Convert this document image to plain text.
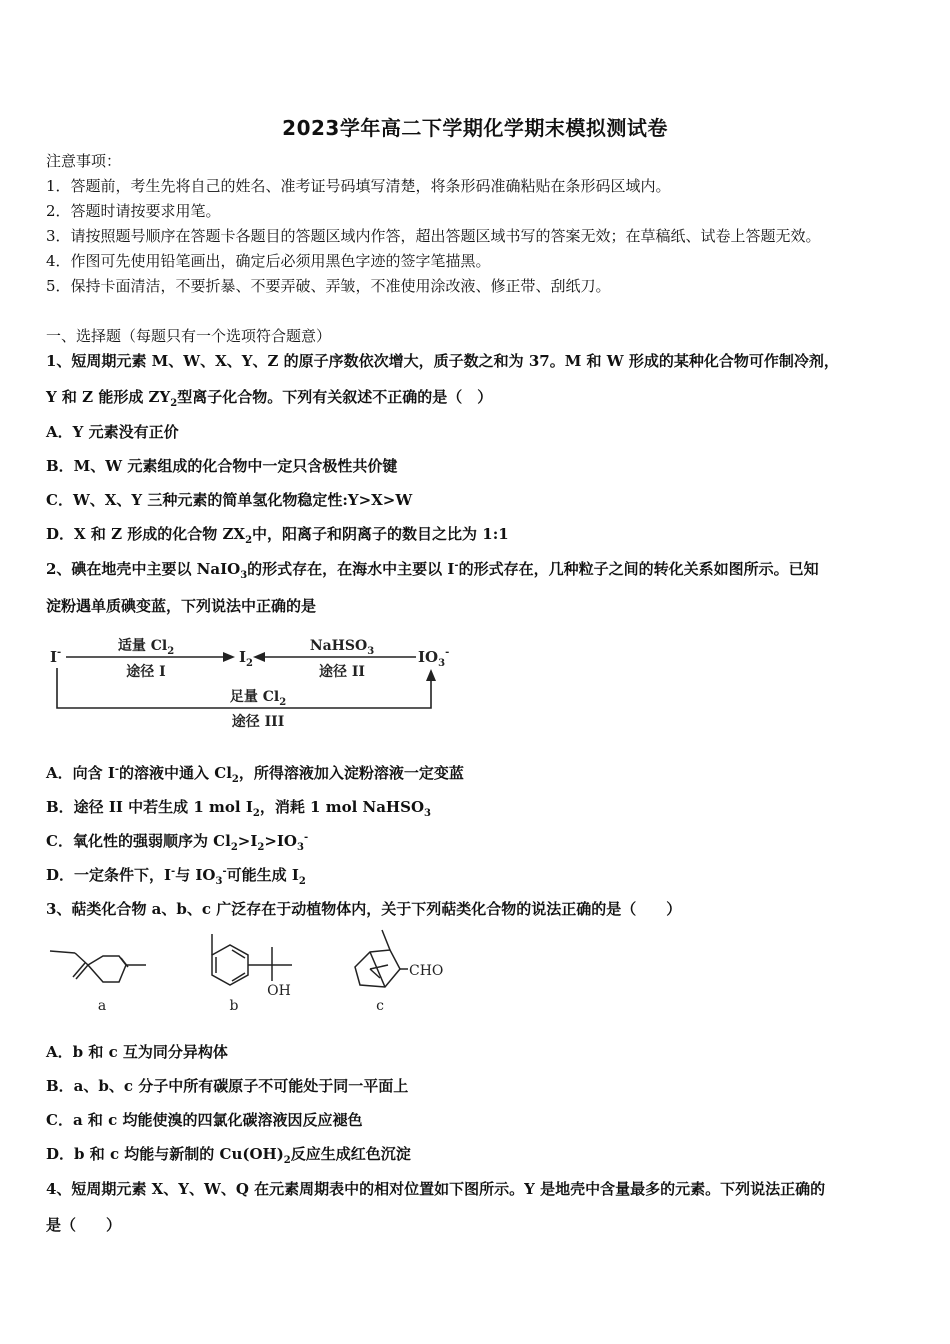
2023学年高二下学期化学期末模拟测试卷
注意事项：
1．答题前，考生先将自己的姓名、准考证号码填写清楚，将条形码准确粘贴在条形码区域内。
2．答题时请按要求用笔。
3．请按照题号顺序在答题卡各题目的答题区域内作答，超出答题区域书写的答案无效；在草稿纸、试卷上答题无效。
4．作图可先使用铅笔画出，确定后必须用黑色字迹的签字笔描黑。
5．保持卡面清洁，不要折暴、不要弄破、弄皱，不准使用涂改液、修正带、刮纸刀。
一、选择题（每题只有一个选项符合题意）
1、短周期元素 M、W、X、Y、Z 的原子序数依次增大，质子数之和为 37。M 和 W 形成的某种化合物可作制冷剂，
Y 和 Z 能形成 $ZY_2$型离子化合物。下列有关叙述不正确的是（　）
A．Y 元素没有正价
B．M、W 元素组成的化合物中一定只含极性共价键
C．W、X、Y 三种元素的简单氢化物稳定性:Y>X>W
D．X 和 Z 形成的化合物 $ZX_2$中，阳离子和阴离子的数目之比为 1:1
2、碘在地壳中主要以 NaIO$_3$的形式存在，在海水中主要以 I-的形式存在，几种粒子之间的转化关系如图所示。已知
淀粉遇单质碘变蓝，下列说法中正确的是
I-	$I_2$	$IO_3^-$
适量 $Cl_2$
途径 I
NaHSO$_3$
途径 II
足量 $Cl_2$
途径 III
A．向含 I-的溶液中通入 $Cl_2$，所得溶液加入淀粉溶液一定变蓝
B．途径 II 中若生成 1 mol $I_2$，消耗 1 mol NaHSO$_3$
C．氧化性的强弱顺序为 $Cl_2>I_2>IO_3^-$
D．一定条件下，I-与 $IO_3^-$可能生成 $I_2$
3、萜类化合物 a、b、c 广泛存在于动植物体内，关于下列萜类化合物的说法正确的是（　　）
a	b
OH
c
CHO
A．b 和 c 互为同分异构体
B．a、b、c 分子中所有碳原子不可能处于同一平面上
C．a 和 c 均能使溴的四氯化碳溶液因反应褪色
D．b 和 c 均能与新制的 $Cu(OH)_2$反应生成红色沉淀
4、短周期元素 X、Y、W、Q 在元素周期表中的相对位置如下图所示。Y 是地壳中含量最多的元素。下列说法正确的
是（　　）
